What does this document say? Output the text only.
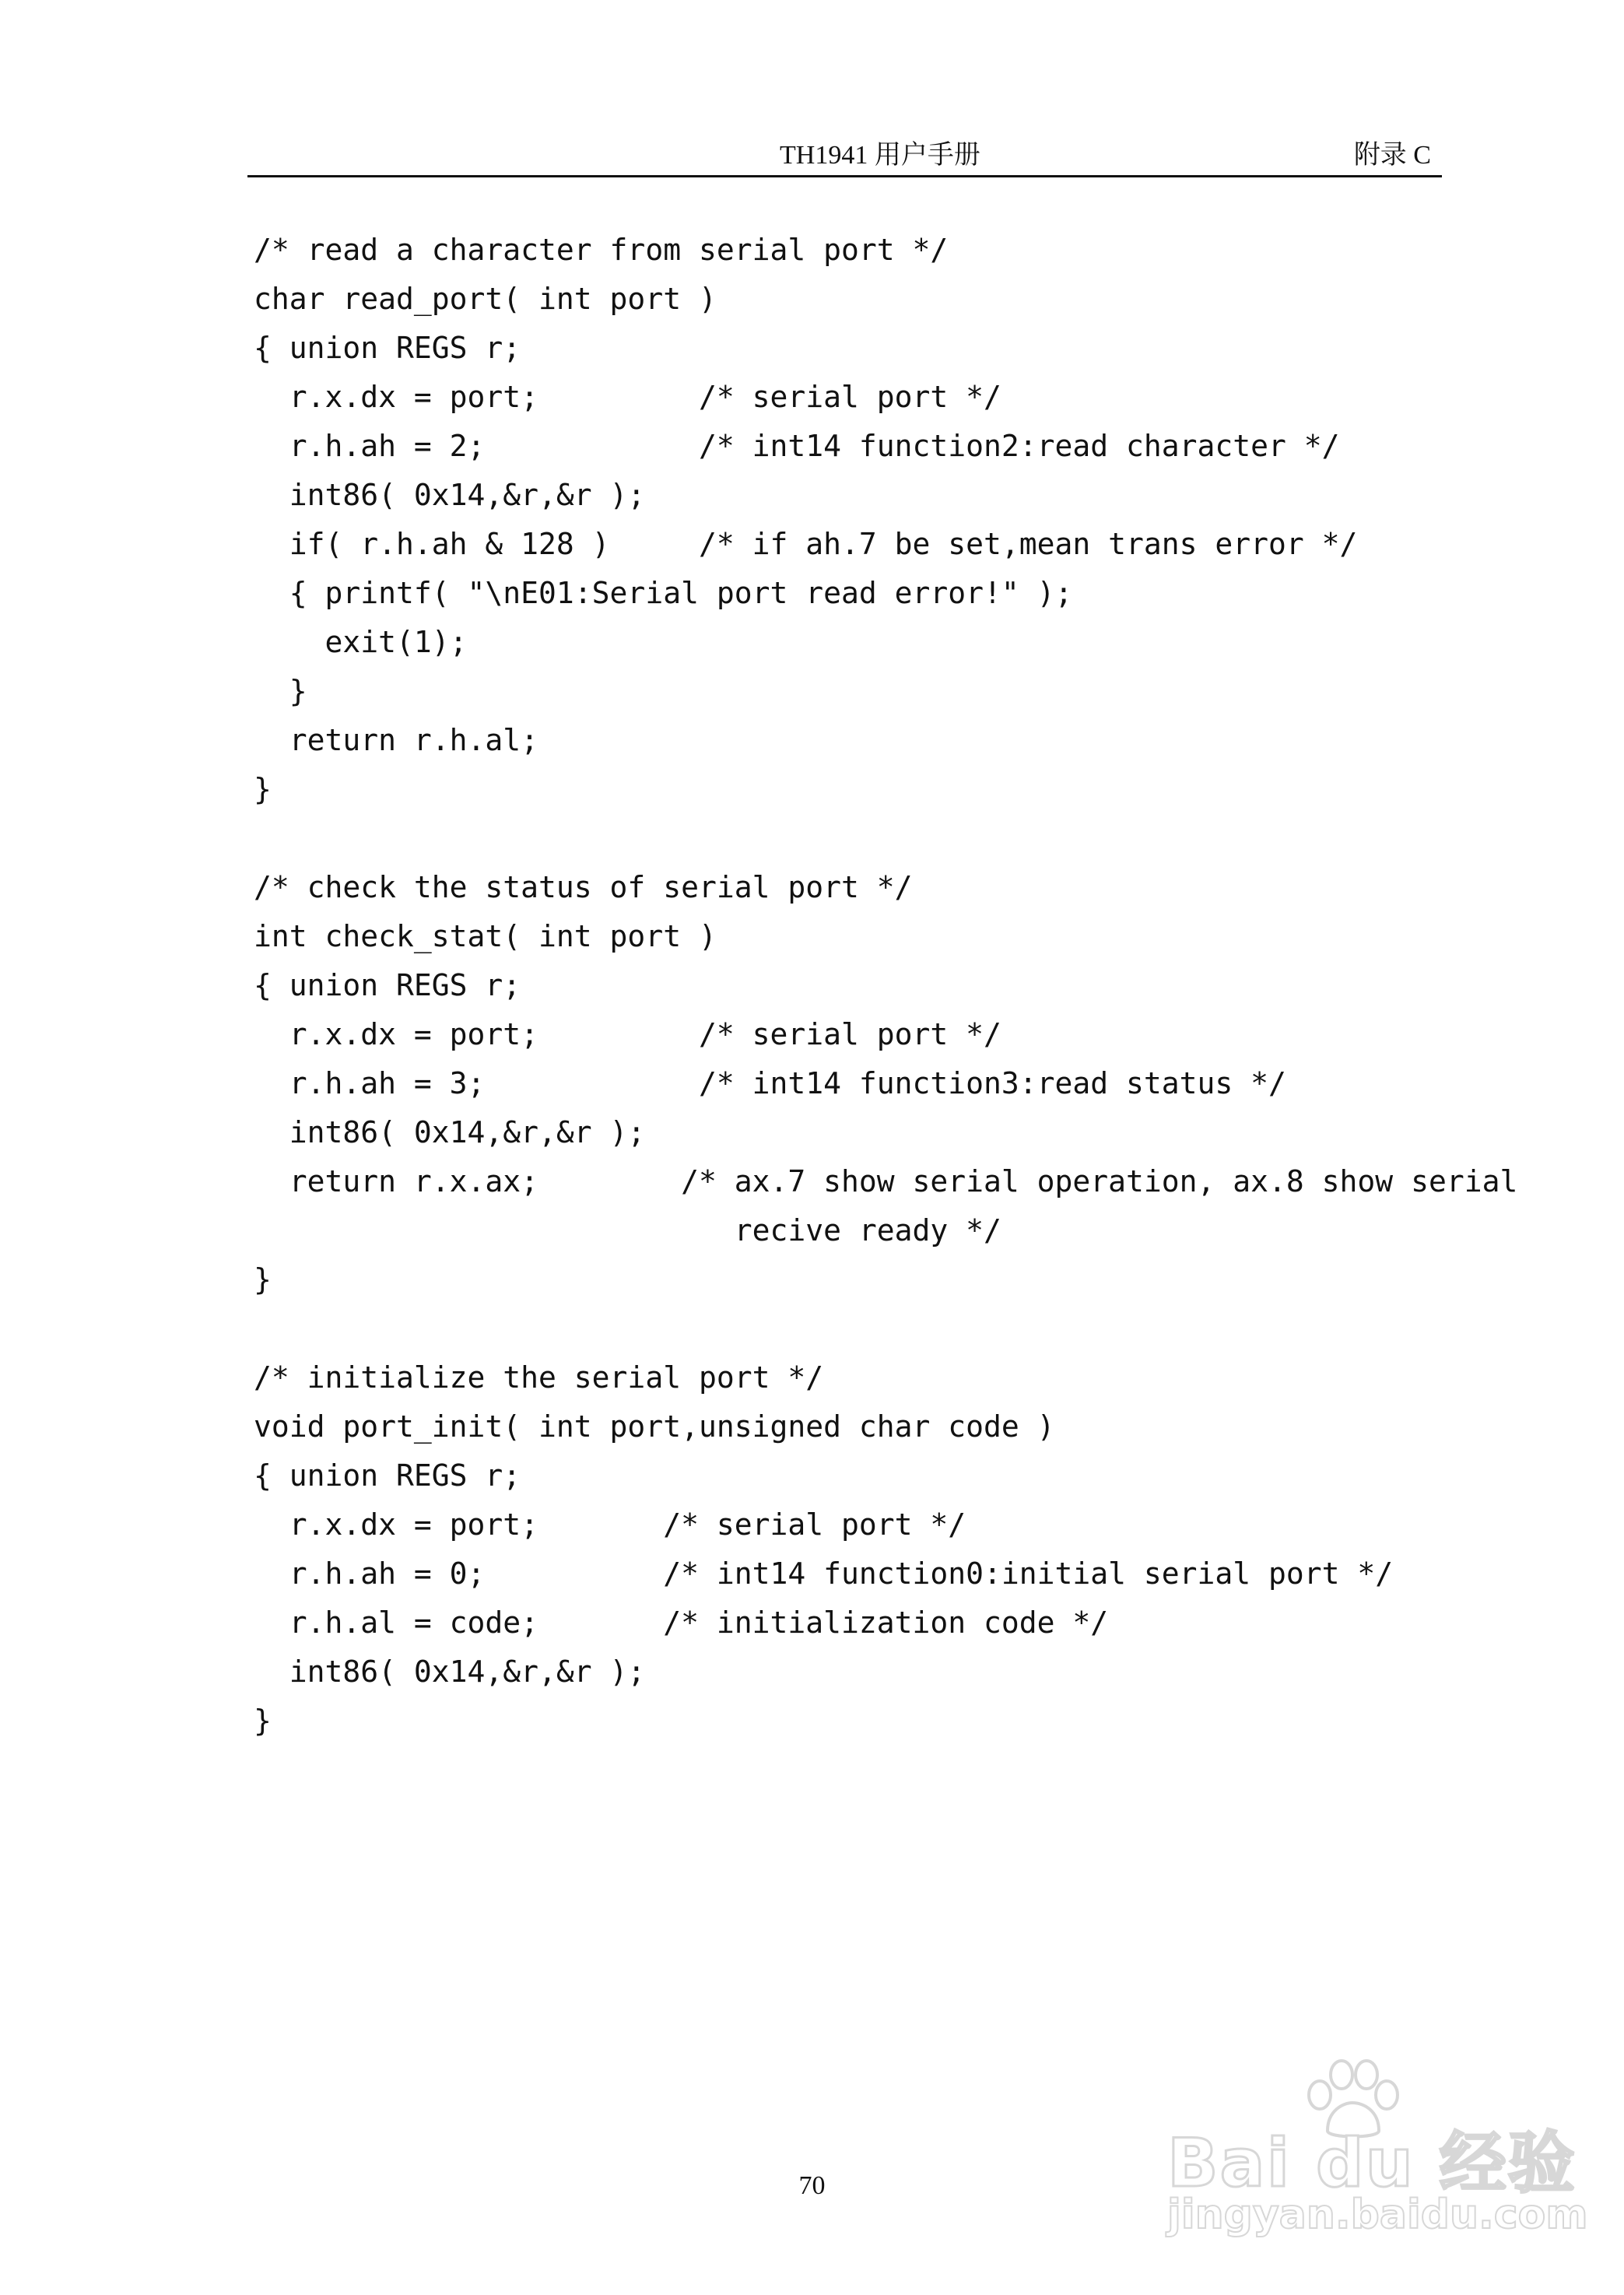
TH1941 用户手册	附录 C
/* read a character from serial port */
char read_port( int port )
{ union REGS r;
r.x.dx = port;         /* serial port */
r.h.ah = 2;            /* int14 function2:read character */
int86( 0x14,&r,&r );
if( r.h.ah & 128 )     /* if ah.7 be set,mean trans error */
{ printf( "\nE01:Serial port read error!" );
exit(1);
}
return r.h.al;
}
/* check the status of serial port */
int check_stat( int port )
{ union REGS r;
r.x.dx = port;         /* serial port */
r.h.ah = 3;            /* int14 function3:read status */
int86( 0x14,&r,&r );
return r.x.ax;        /* ax.7 show serial operation, ax.8 show serial
recive ready */
}
/* initialize the serial port */
void port_init( int port,unsigned char code )
{ union REGS r;
r.x.dx = port;       /* serial port */
r.h.ah = 0;          /* int14 function0:initial serial port */
r.h.al = code;       /* initialization code */
int86( 0x14,&r,&r );
}
70	Bai du 经验
jingyan.baidu.com
